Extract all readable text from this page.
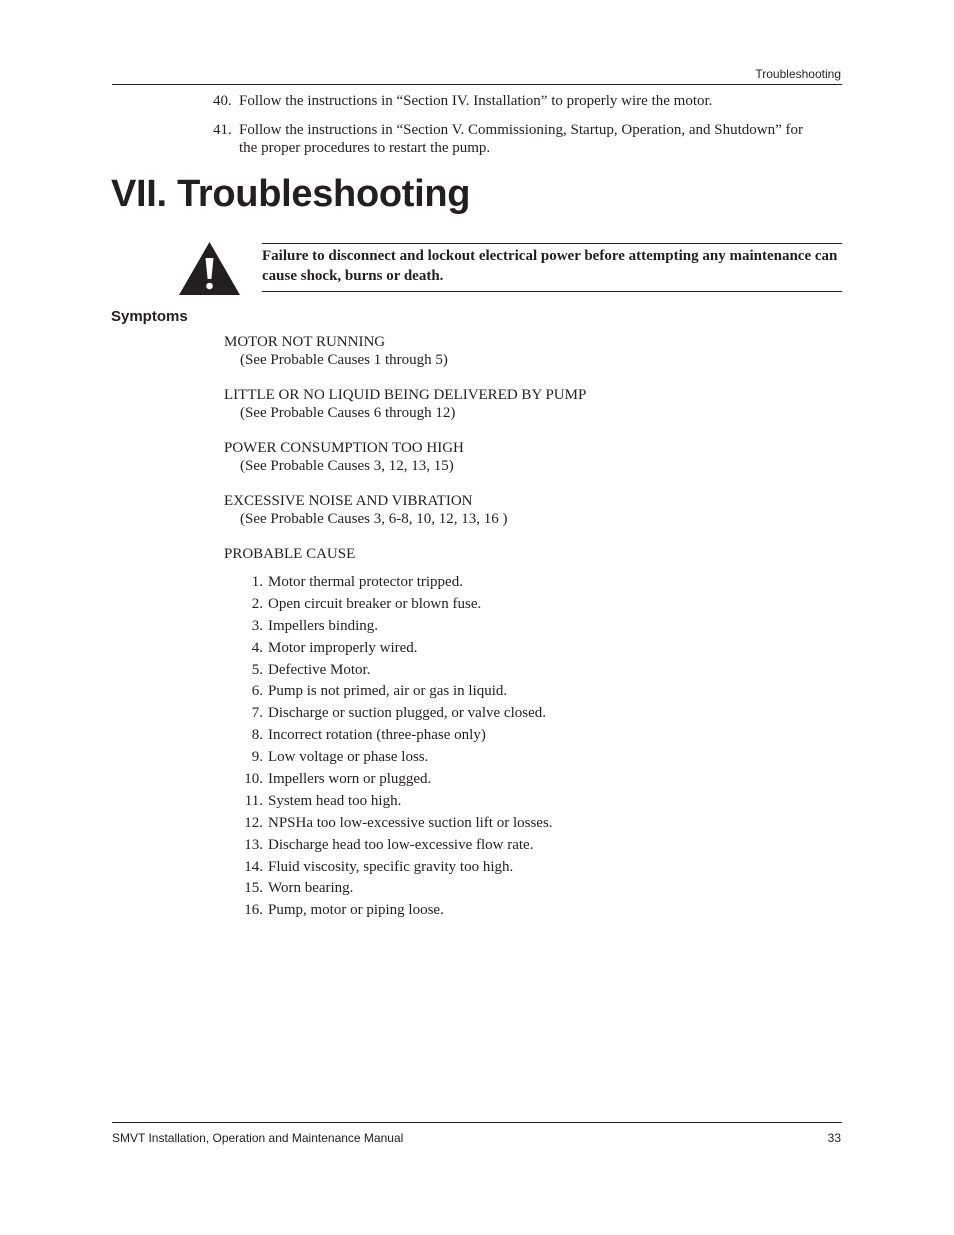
Troubleshooting
40. Follow the instructions in “Section IV. Installation” to properly wire the motor.
41. Follow the instructions in “Section V. Commissioning, Startup, Operation, and Shutdown” for the proper procedures to restart the pump.
VII. Troubleshooting

Failure to disconnect and lockout electrical power before attempting any maintenance can cause shock, burns or death.

Symptoms
MOTOR NOT RUNNING
(See Probable Causes 1 through 5)
LITTLE OR NO LIQUID BEING DELIVERED BY PUMP
(See Probable Causes 6 through 12)
POWER CONSUMPTION TOO HIGH
(See Probable Causes 3, 12, 13, 15)
EXCESSIVE NOISE AND VIBRATION
(See Probable Causes 3, 6-8, 10, 12, 13, 16 )
PROBABLE CAUSE
1. Motor thermal protector tripped.
2. Open circuit breaker or blown fuse.
3. Impellers binding.
4. Motor improperly wired.
5. Defective Motor.
6. Pump is not primed, air or gas in liquid.
7. Discharge or suction plugged, or valve closed.
8. Incorrect rotation (three-phase only)
9. Low voltage or phase loss.
10. Impellers worn or plugged.
11. System head too high.
12. NPSHa too low-excessive suction lift or losses.
13. Discharge head too low-excessive flow rate.
14. Fluid viscosity, specific gravity too high.
15. Worn bearing.
16. Pump, motor or piping loose.
SMVT Installation, Operation and Maintenance Manual	33
